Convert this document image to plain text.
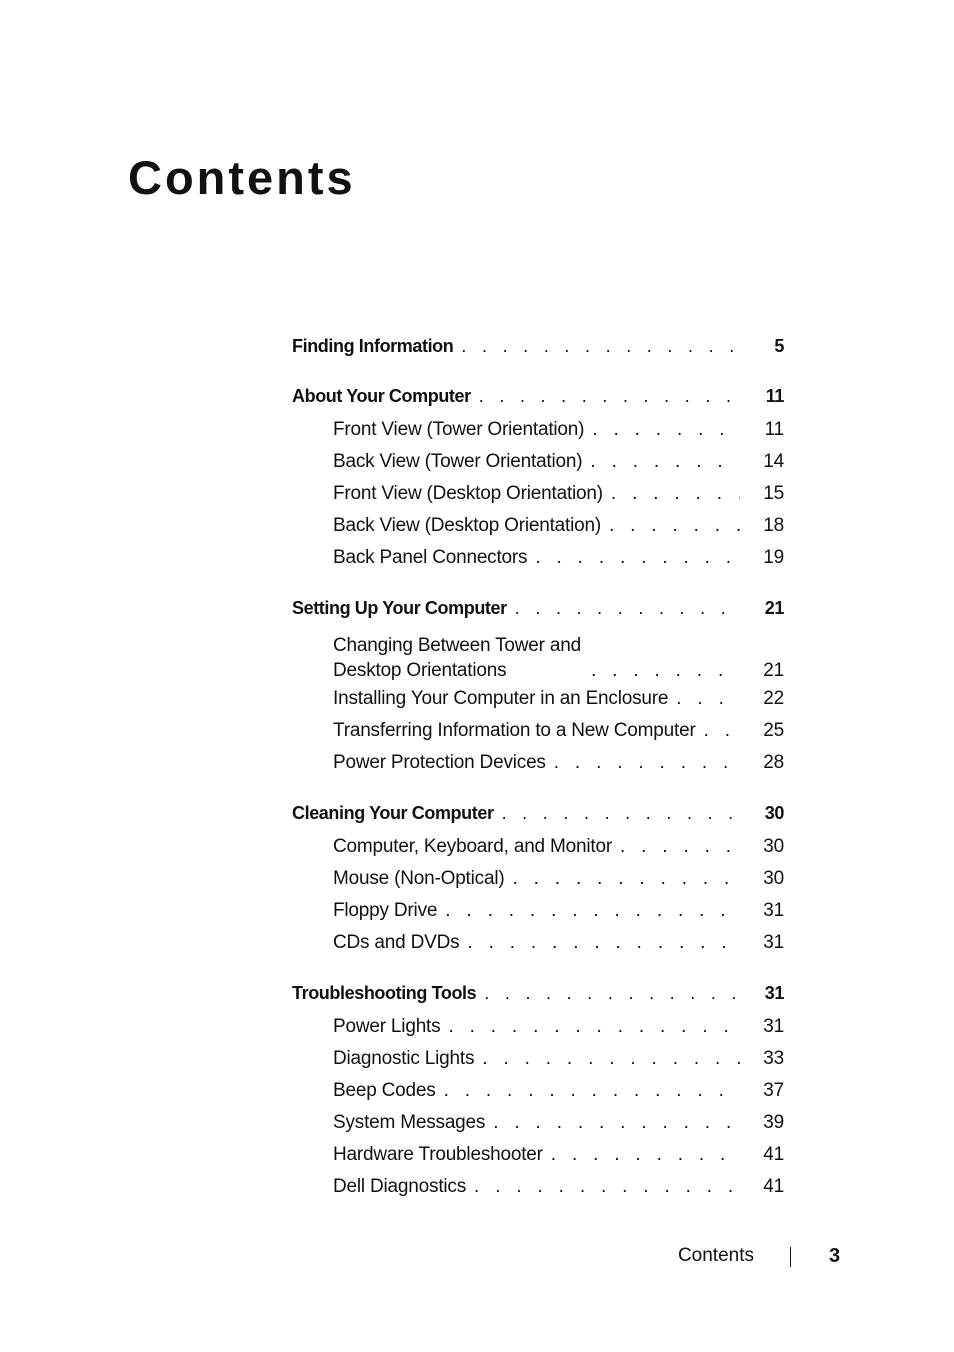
Contents
Finding Information . . .	5
About Your Computer . . .	11
Front View (Tower Orientation) . . .	11
Back View (Tower Orientation) . . .	14
Front View (Desktop Orientation) . . .	15
Back View (Desktop Orientation) . . .	18
Back Panel Connectors . . .	19
Setting Up Your Computer . . .	21
Changing Between Tower and Desktop Orientations . . .	21
Installing Your Computer in an Enclosure . . .	22
Transferring Information to a New Computer . . .	25
Power Protection Devices . . .	28
Cleaning Your Computer . . .	30
Computer, Keyboard, and Monitor . . .	30
Mouse (Non-Optical) . . .	30
Floppy Drive . . .	31
CDs and DVDs . . .	31
Troubleshooting Tools . . .	31
Power Lights . . .	31
Diagnostic Lights . . .	33
Beep Codes . . .	37
System Messages . . .	39
Hardware Troubleshooter . . .	41
Dell Diagnostics . . .	41
Contents	3
